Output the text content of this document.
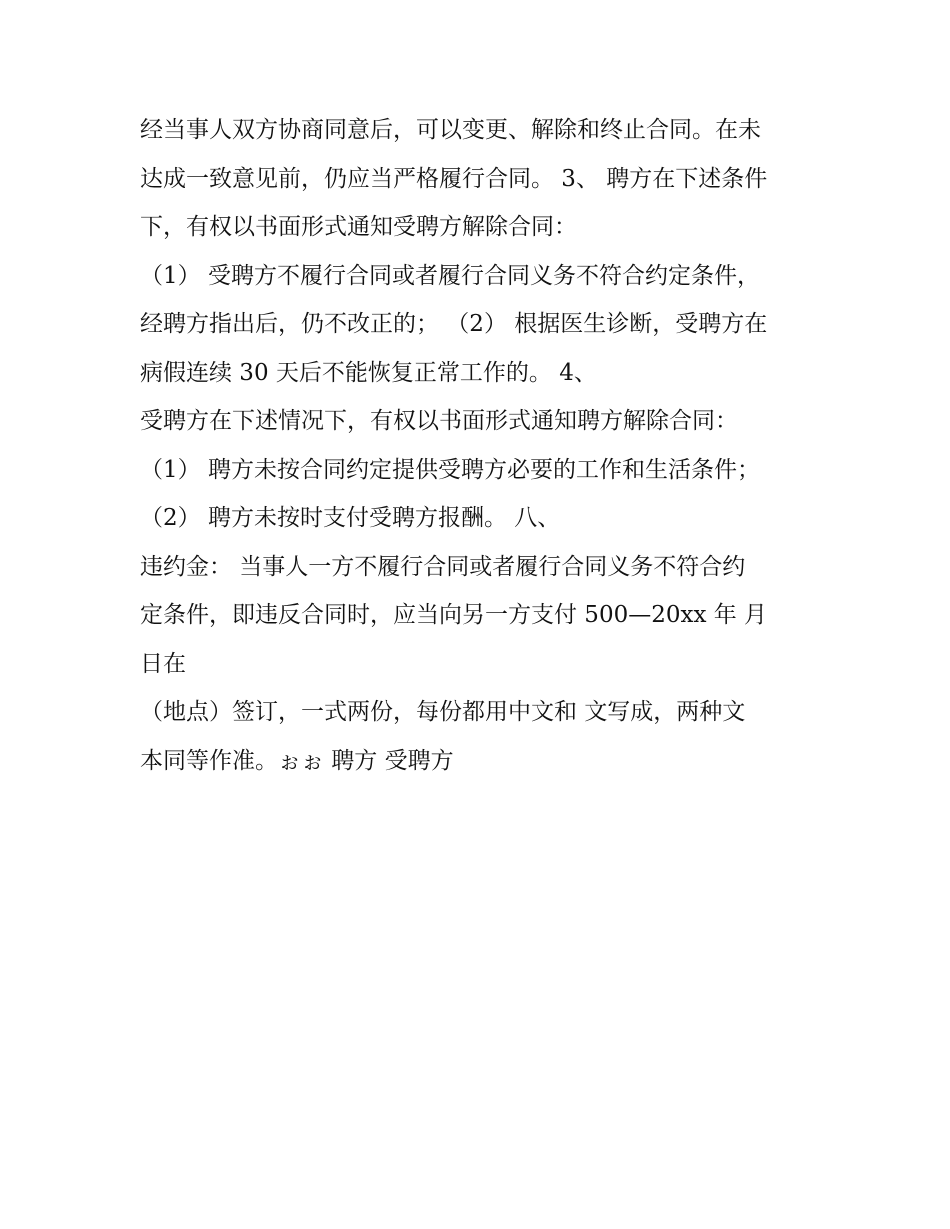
经当事人双方协商同意后，可以变更、解除和终止合同。在未
达成一致意见前，仍应当严格履行合同。 3、 聘方在下述条件
下，有权以书面形式通知受聘方解除合同：
（1） 受聘方不履行合同或者履行合同义务不符合约定条件，
经聘方指出后，仍不改正的； （2） 根据医生诊断，受聘方在
病假连续 30 天后不能恢复正常工作的。 4、
受聘方在下述情况下，有权以书面形式通知聘方解除合同：
（1） 聘方未按合同约定提供受聘方必要的工作和生活条件；
（2） 聘方未按时支付受聘方报酬。 八、
违约金： 当事人一方不履行合同或者履行合同义务不符合约
定条件，即违反合同时，应当向另一方支付 500—20xx 年 月
日在
（地点）签订，一式两份，每份都用中文和 文写成，两种文
本同等作准。ぉぉ 聘方 受聘方
